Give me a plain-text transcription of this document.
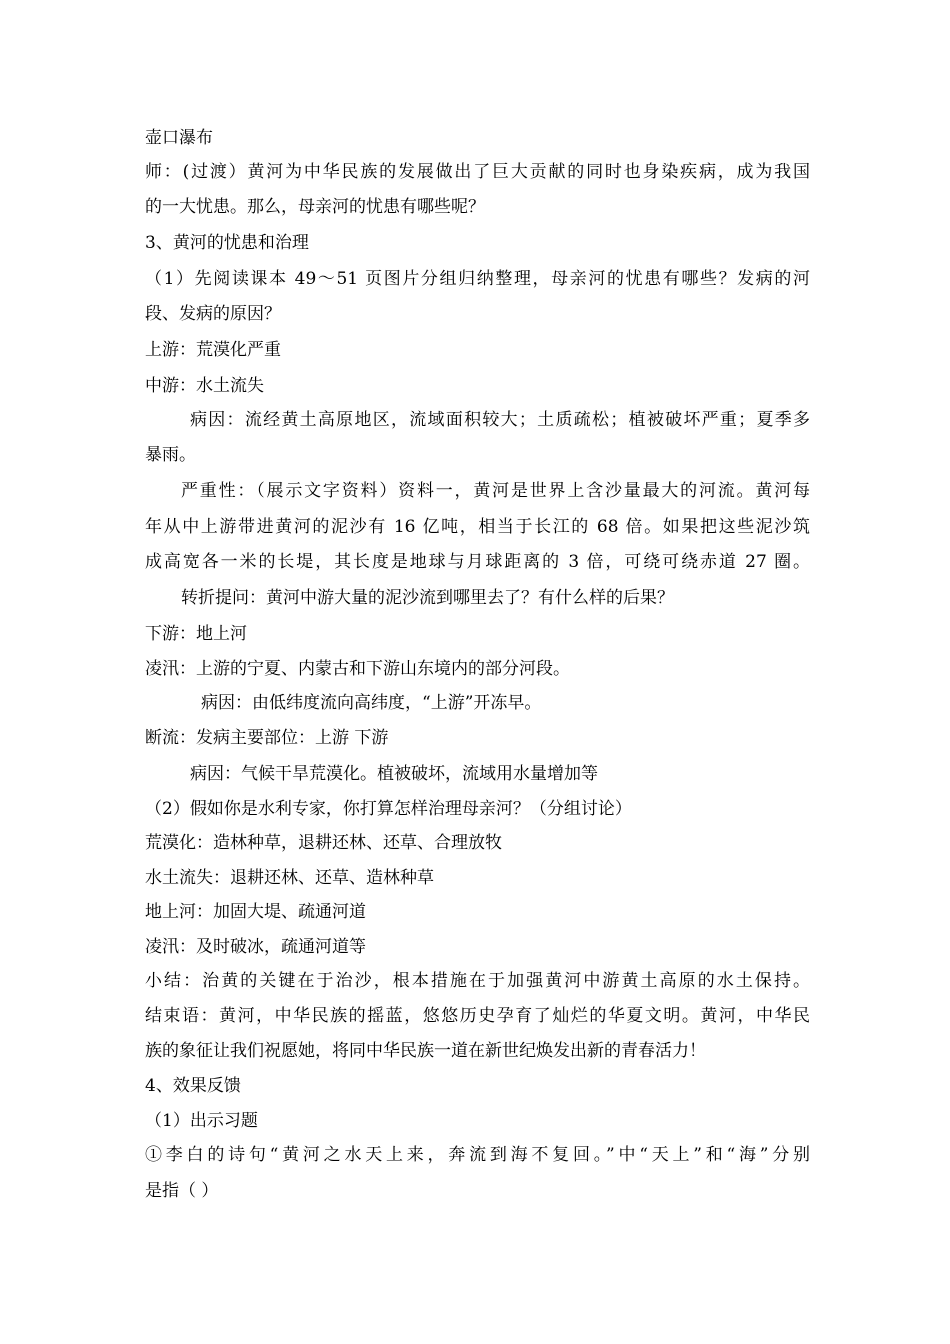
壶口瀑布
师：(过渡）黄河为中华民族的发展做出了巨大贡献的同时也身染疾病，成为我国
的一大忧患。那么，母亲河的忧患有哪些呢？
3、黄河的忧患和治理
（1）先阅读课本 49～51 页图片分组归纳整理，母亲河的忧患有哪些？发病的河
段、发病的原因？
上游：荒漠化严重
中游：水土流失
病因：流经黄土高原地区，流域面积较大；土质疏松；植被破坏严重；夏季多
暴雨。
严重性：（展示文字资料）资料一，黄河是世界上含沙量最大的河流。黄河每
年从中上游带进黄河的泥沙有 16 亿吨，相当于长江的 68 倍。如果把这些泥沙筑
成高宽各一米的长堤，其长度是地球与月球距离的 3 倍，可绕可绕赤道 27 圈。
转折提问：黄河中游大量的泥沙流到哪里去了？有什么样的后果？
下游：地上河
凌汛：上游的宁夏、内蒙古和下游山东境内的部分河段。
病因：由低纬度流向高纬度，“上游”开冻早。
断流：发病主要部位：上游 下游
病因：气候干旱荒漠化。植被破坏，流域用水量增加等
（2）假如你是水利专家，你打算怎样治理母亲河？（分组讨论）
荒漠化：造林种草，退耕还林、还草、合理放牧
水土流失：退耕还林、还草、造林种草
地上河：加固大堤、疏通河道
凌汛：及时破冰，疏通河道等
小结：治黄的关键在于治沙，根本措施在于加强黄河中游黄土高原的水土保持。
结束语：黄河，中华民族的摇蓝，悠悠历史孕育了灿烂的华夏文明。黄河，中华民
族的象征让我们祝愿她，将同中华民族一道在新世纪焕发出新的青春活力！
4、效果反馈
（1）出示习题
①李白的诗句“黄河之水天上来，奔流到海不复回。”中“天上”和“海”分别
是指（ ）
